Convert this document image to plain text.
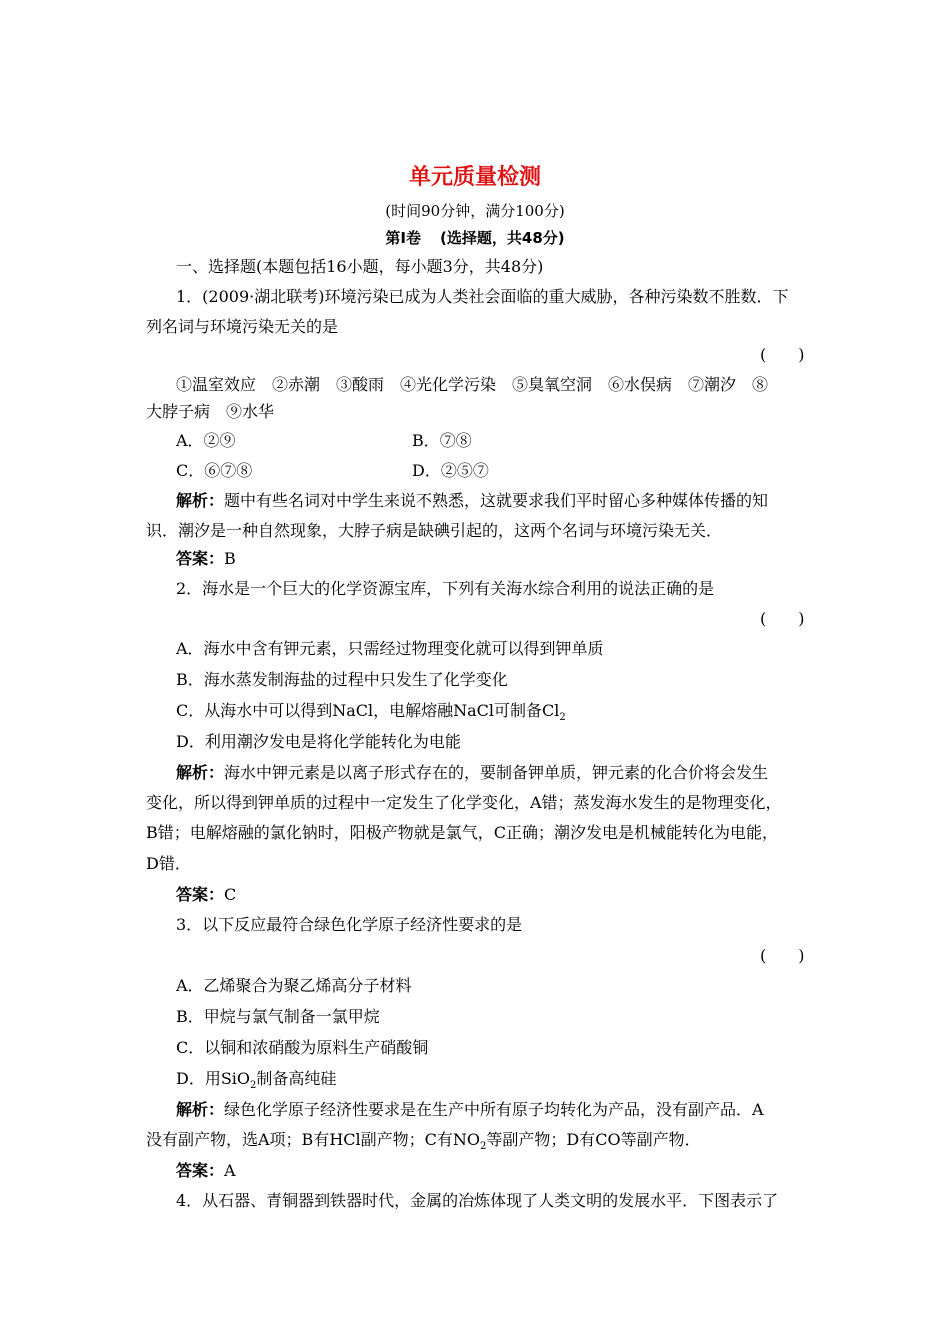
单元质量检测
(时间90分钟，满分100分)
第Ⅰ卷 (选择题，共48分)
一、选择题(本题包括16小题，每小题3分，共48分)
1．(2009·湖北联考)环境污染已成为人类社会面临的重大威胁，各种污染数不胜数．下
列名词与环境污染无关的是
(　　)
①温室效应　②赤潮　③酸雨　④光化学污染　⑤臭氧空洞　⑥水俣病　⑦潮汐　⑧
大脖子病　⑨水华
A．②⑨	B．⑦⑧
C．⑥⑦⑧	D．②⑤⑦
解析：题中有些名词对中学生来说不熟悉，这就要求我们平时留心多种媒体传播的知
识．潮汐是一种自然现象，大脖子病是缺碘引起的，这两个名词与环境污染无关．
答案：B
2．海水是一个巨大的化学资源宝库，下列有关海水综合利用的说法正确的是
(　　)
A．海水中含有钾元素，只需经过物理变化就可以得到钾单质
B．海水蒸发制海盐的过程中只发生了化学变化
C．从海水中可以得到NaCl，电解熔融NaCl可制备$Cl_2$
D．利用潮汐发电是将化学能转化为电能
解析：海水中钾元素是以离子形式存在的，要制备钾单质，钾元素的化合价将会发生
变化，所以得到钾单质的过程中一定发生了化学变化，A错；蒸发海水发生的是物理变化，
B错；电解熔融的氯化钠时，阳极产物就是氯气，C正确；潮汐发电是机械能转化为电能，
D错．
答案：C
3．以下反应最符合绿色化学原子经济性要求的是
(　　)
A．乙烯聚合为聚乙烯高分子材料
B．甲烷与氯气制备一氯甲烷
C．以铜和浓硝酸为原料生产硝酸铜
D．用SiO$_2$制备高纯硅
解析：绿色化学原子经济性要求是在生产中所有原子均转化为产品，没有副产品．A
没有副产物，选A项；B有HCl副产物；C有$NO_2$等副产物；D有CO等副产物．
答案：A
4．从石器、青铜器到铁器时代，金属的冶炼体现了人类文明的发展水平．下图表示了
